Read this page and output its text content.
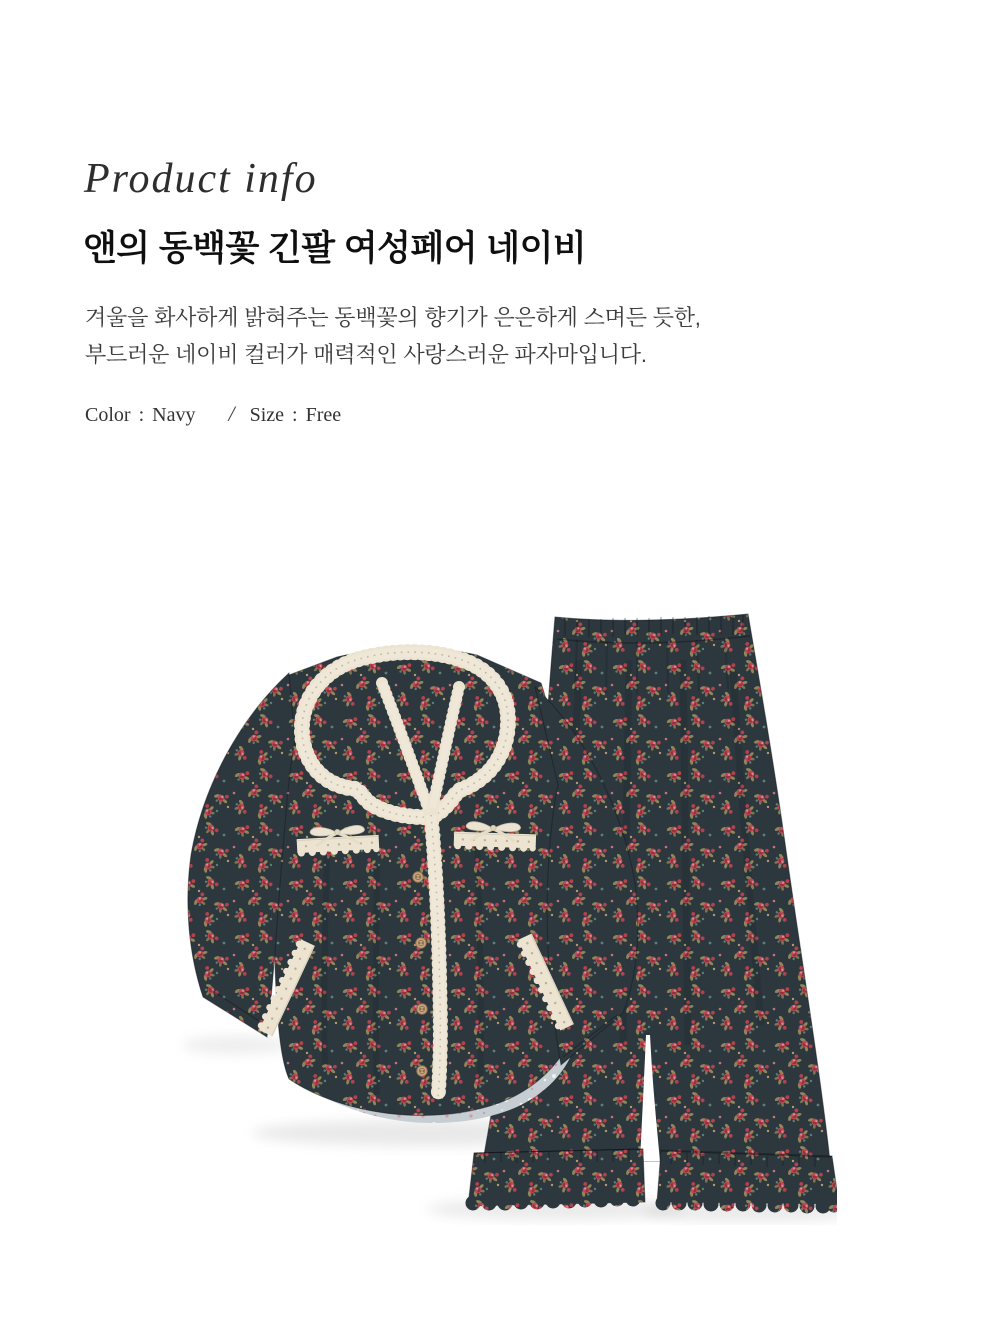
Product info

앤의 동백꽃 긴팔 여성페어 네이비
겨울을 화사하게 밝혀주는 동백꽃의 향기가 은은하게 스며든 듯한,
부드러운 네이비 컬러가 매력적인 사랑스러운 파자마입니다.

Color : Navy / Size : Free
